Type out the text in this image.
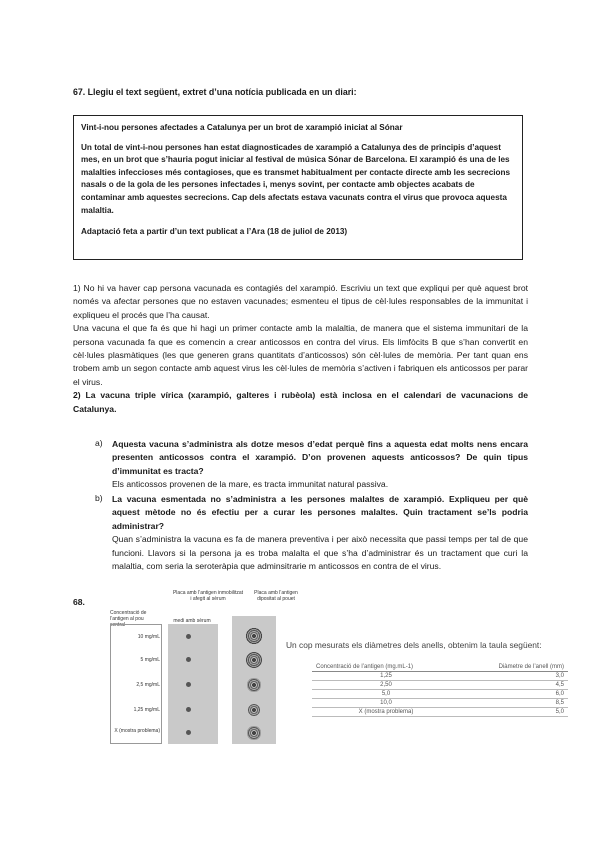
67. Llegiu el text següent, extret d’una notícia publicada en un diari:

Vint-i-nou persones afectades a Catalunya per un brot de xarampió iniciat al Sónar

Un total de vint-i-nou persones han estat diagnosticades de xarampió a Catalunya des de principis d’aquest mes, en un brot que s’hauria pogut iniciar al festival de música Sónar de Barcelona. El xarampió és una de les malalties infeccioses més contagioses, que es transmet habitualment per contacte directe amb les secrecions nasals o de la gola de les persones infectades i, menys sovint, per contacte amb objectes acabats de contaminar amb aquestes secrecions. Cap dels afectats estava vacunats contra el virus que provoca aquesta malaltia.

Adaptació feta a partir d’un text publicat a l’Ara (18 de juliol de 2013)

1) No hi va haver cap persona vacunada es contagiés del xarampió. Escriviu un text que expliqui per què aquest brot només va afectar persones que no estaven vacunades; esmenteu el tipus de cèl·lules responsables de la immunitat i expliqueu el procés que l’ha causat.

Una vacuna el que fa és que hi hagi un primer contacte amb la malaltia, de manera que el sistema immunitari de la persona vacunada fa que es comencin a crear anticossos en contra del virus. Els limfòcits B que s’han convertit en cèl·lules plasmàtiques (les que generen grans quantitats d’anticossos) són cèl·lules de memòria. Per tant quan ens trobem amb un segon contacte amb aquest virus les cèl·lules de memòria s’activen i fabriquen els anticossos per parar el virus.

2) La vacuna triple vírica (xarampió, galteres i rubèola) està inclosa en el calendari de vacunacions de Catalunya.

a) Aquesta vacuna s’administra als dotze mesos d’edat perquè fins a aquesta edat molts nens encara presenten anticossos contra el xarampió. D’on provenen aquests anticossos? De quin tipus d’immunitat es tracta?

Els anticossos provenen de la mare, es tracta immunitat natural passiva.

b) La vacuna esmentada no s’administra a les persones malaltes de xarampió. Expliqueu per què aquest mètode no és efectiu per a curar les persones malaltes. Quin tractament se’ls podria administrar?

Quan s’administra la vacuna es fa de manera preventiva i per això necessita que passi temps per tal de que funcioni. Llavors si la persona ja es troba malalta el que s’ha d’administrar és un tractament que curi la malaltia, com seria la seroteràpia que adminsitrarie m anticossos en contra de el virus.

68.
Placa amb l’antigen inmobilitzat i afegit al sèrum
Placa amb l’antigen dipositat al pouet
Concentració de l’antigen al pou central
medi amb sèrum
10 mg/mL
5 mg/mL
2,5 mg/mL
1,25 mg/mL
X (mostra problema)
Un cop mesurats els diàmetres dels anells, obtenim la taula següent:
Concentració de l’antigen (mg.mL-1)	Diàmetre de l’anell (mm)
1,25	3,0
2,50	4,5
5,0	6,0
10,0	8,5
X (mostra problema)	5,0
